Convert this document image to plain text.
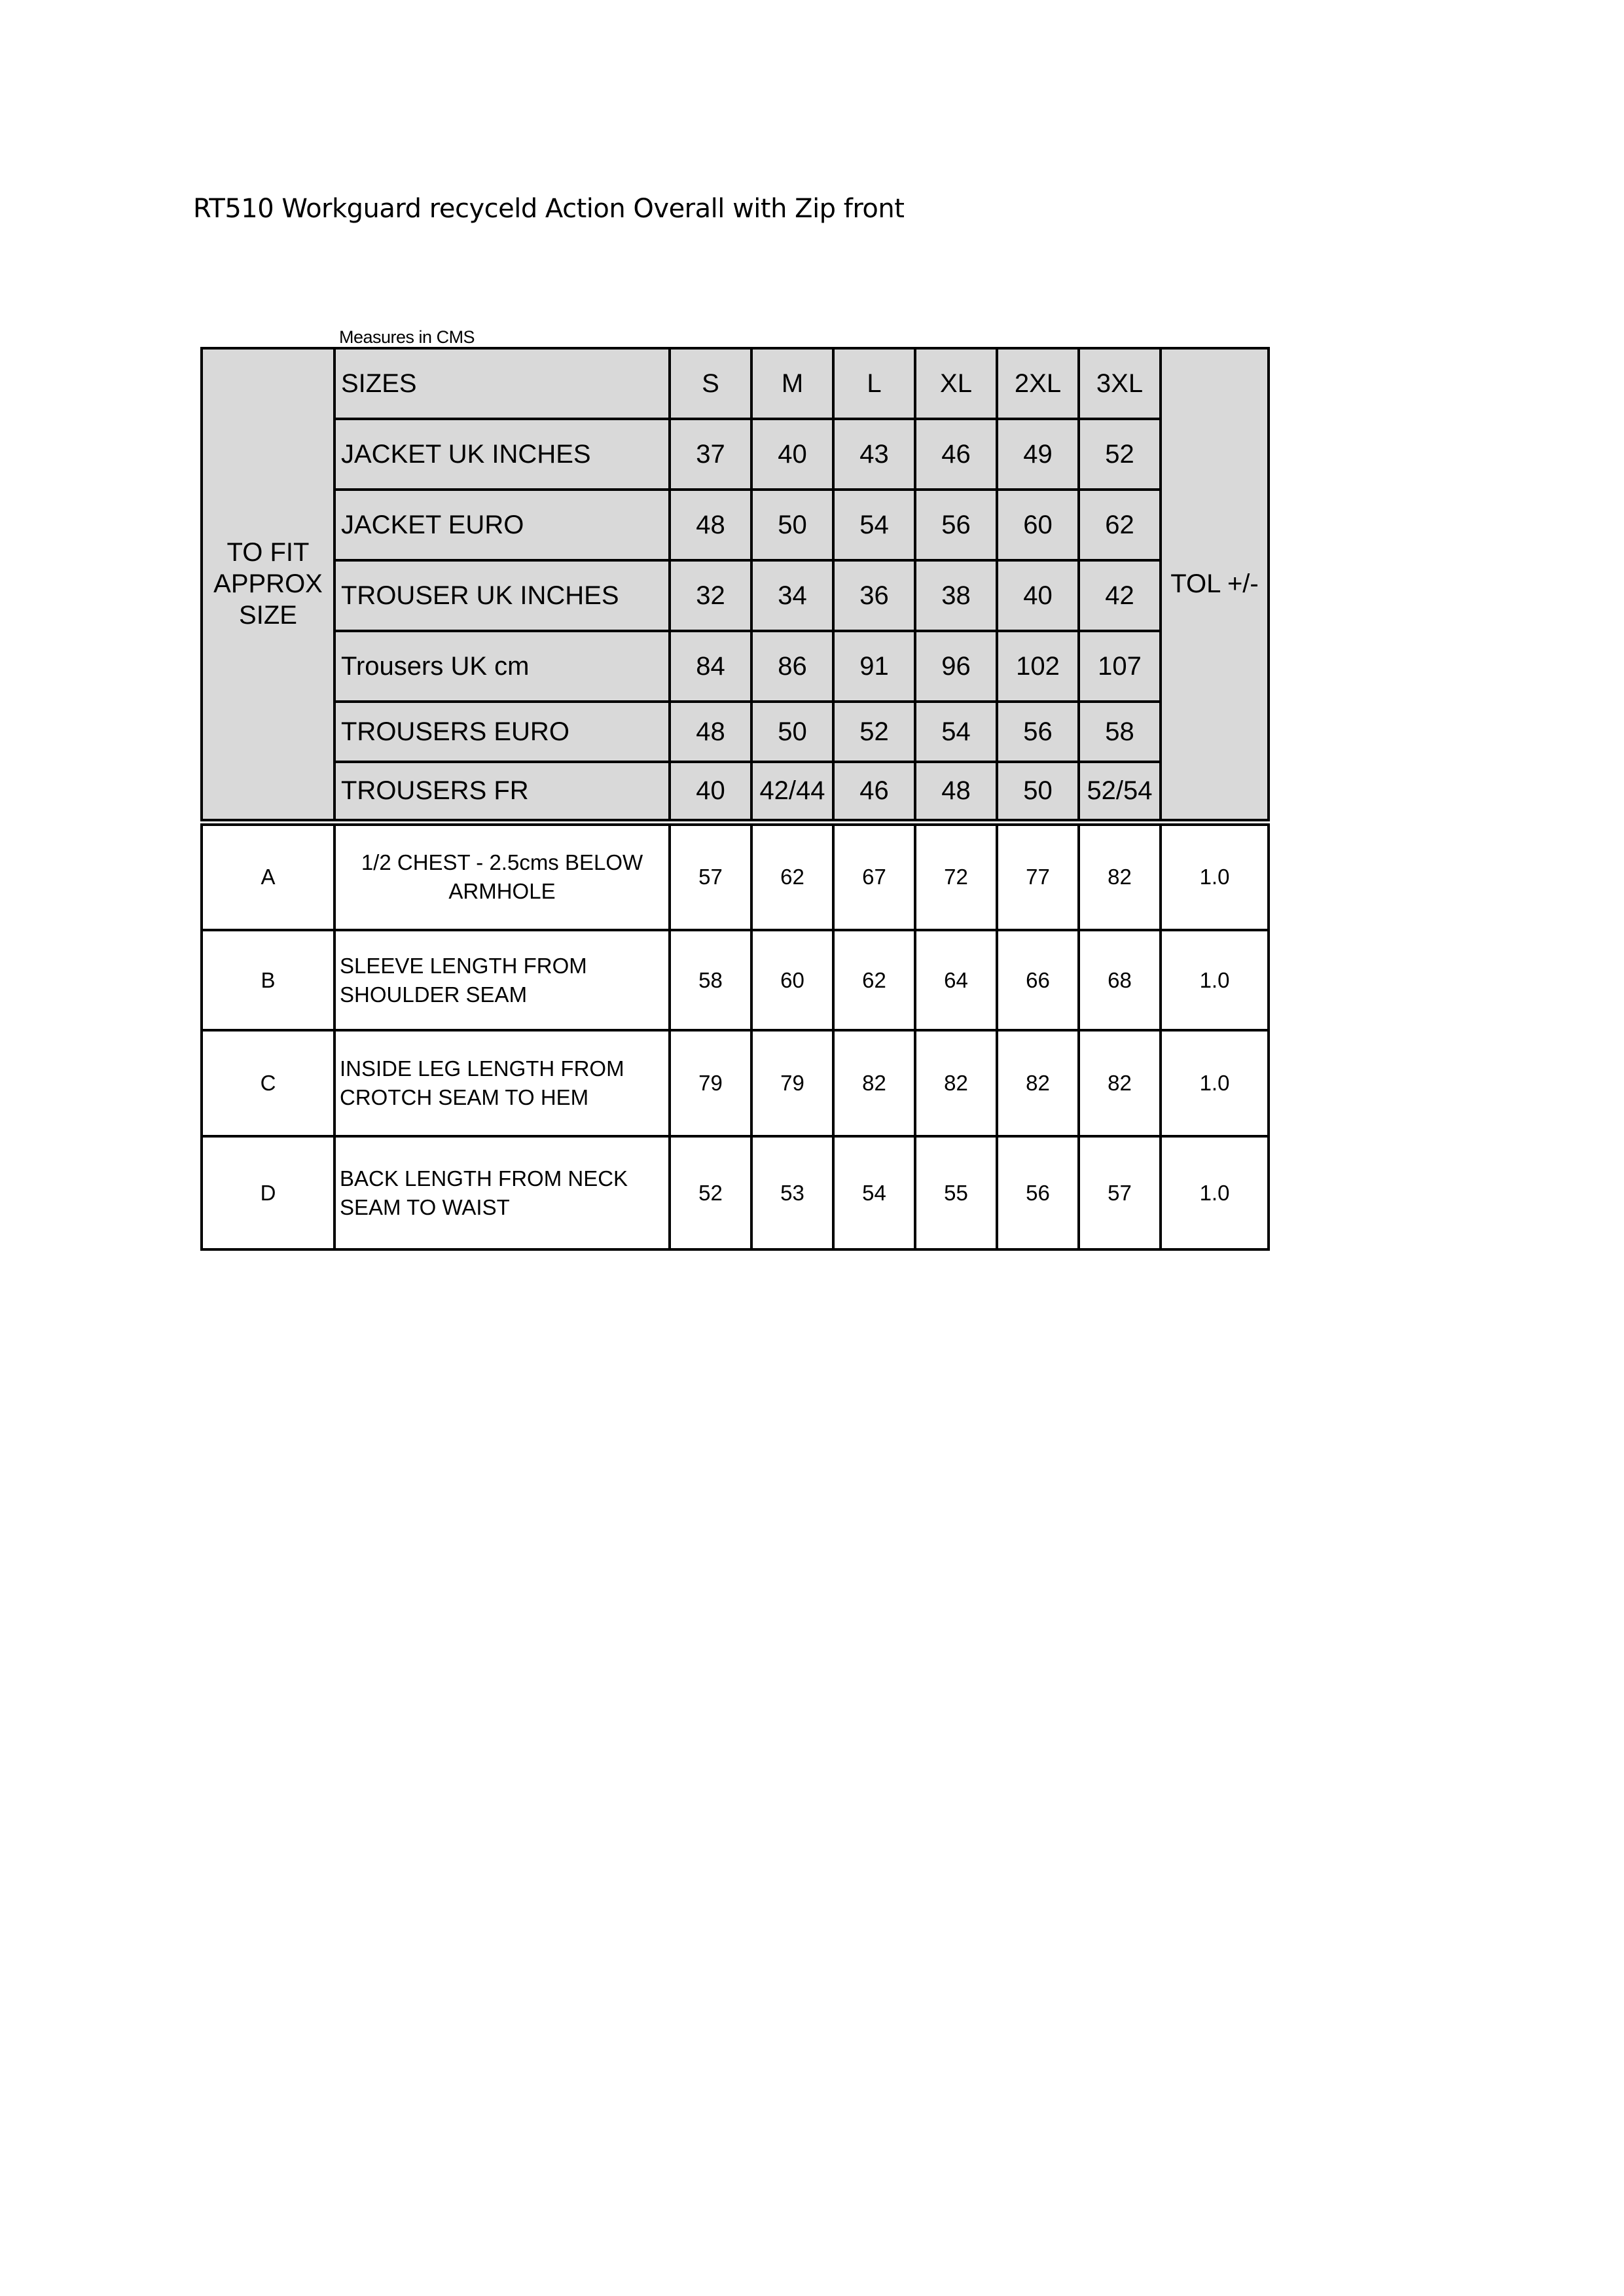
RT510 Workguard recyceld Action Overall with Zip front
Measures in CMS
TO FIT APPROX SIZE	SIZES	S	M	L	XL	2XL	3XL	TOL +/-
	JACKET UK INCHES	37	40	43	46	49	52	
	JACKET EURO	48	50	54	56	60	62	
	TROUSER UK INCHES	32	34	36	38	40	42	
	Trousers UK cm	84	86	91	96	102	107	
	TROUSERS EURO	48	50	52	54	56	58	
	TROUSERS FR	40	42/44	46	48	50	52/54	
A	1/2 CHEST - 2.5cms BELOW ARMHOLE	57	62	67	72	77	82	1.0
B	SLEEVE LENGTH FROM SHOULDER SEAM	58	60	62	64	66	68	1.0
C	INSIDE LEG LENGTH FROM CROTCH SEAM TO HEM	79	79	82	82	82	82	1.0
D	BACK LENGTH FROM NECK SEAM TO WAIST	52	53	54	55	56	57	1.0
